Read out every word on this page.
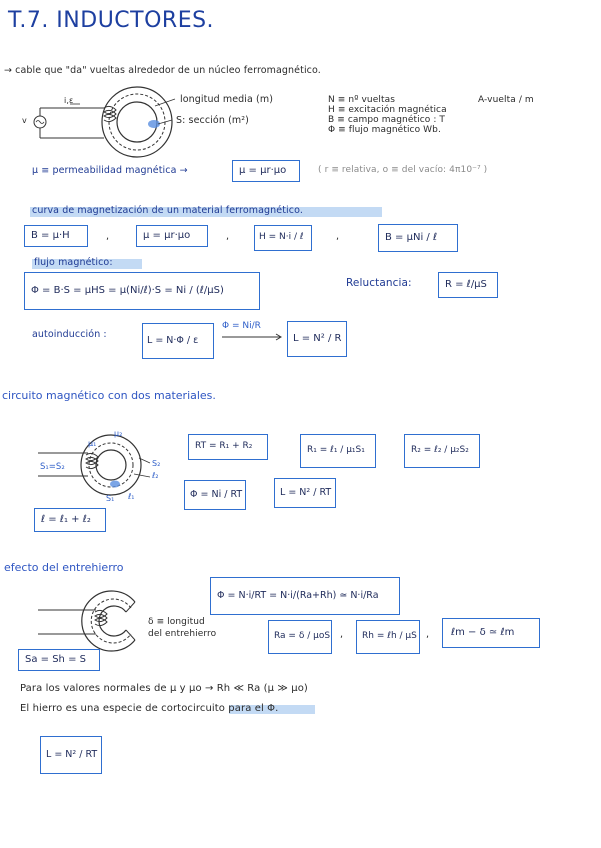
T.7. INDUCTORES.
→ cable que "da" vueltas alrededor de un núcleo ferromagnético.
i,ε
v
longitud media (m)
S: sección (m²)
N ≡ nº vueltas
H ≡ excitación magnética
A-vuelta / m
B ≡ campo magnético : T
Φ ≡ flujo magnético Wb.
μ ≡ permeabilidad magnética →	μ = μr·μo	( r ≡ relativa, o ≡ del vacío: 4π10⁻⁷ )
curva de magnetización de un material ferromagnético.
B = μ·H	μ = μr·μo	H = N·i / ℓ	B = μNi / ℓ
,	,	,
flujo magnético:
Φ = B·S = μHS = μ(Ni/ℓ)·S = Ni / (ℓ/μS)
Reluctancia:	R = ℓ/μS
autoinducción :
L = N·Φ / ε
Φ = Ni/R
L = N² / R
circuito magnético con dos materiales.
μ₁
μ₂
S₁=S₂	S₂
ℓ₂
S₁ ℓ₁
RT = R₁ + R₂	R₁ = ℓ₁ / μ₁S₁	R₂ = ℓ₂ / μ₂S₂
Φ = Ni / RT	L = N² / RT
ℓ = ℓ₁ + ℓ₂
efecto del entrehierro
Φ = N·i/RT = N·i/(Ra+Rh) ≃ N·i/Ra
δ ≡ longitud
del entrehierro	Ra = δ / μoS	Rh = ℓh / μS	ℓm − δ ≃ ℓm
,	,
Sa = Sh = S
Para los valores normales de μ y μo → Rh ≪ Ra (μ ≫ μo)
El hierro es una especie de cortocircuito para el Φ.
L = N² / RT
